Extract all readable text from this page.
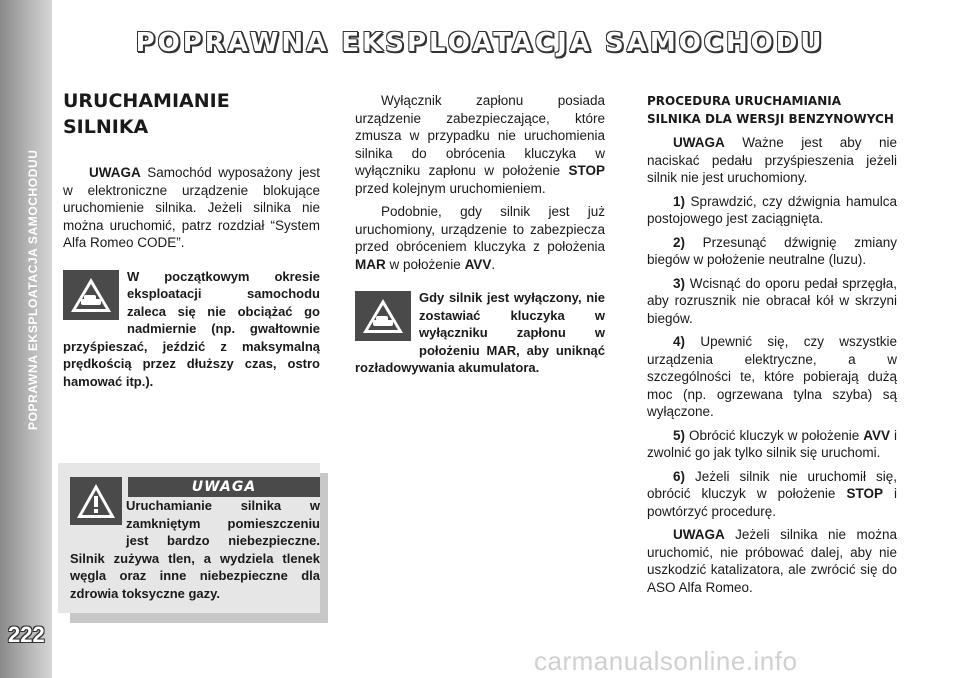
POPRAWNA EKSPLOATACJA SAMOCHODUU
222
POPRAWNA EKSPLOATACJA SAMOCHODU
URUCHAMIANIE SILNIKA

UWAGA Samochód wyposażony jest w elektroniczne urządzenie blokujące uruchomienie silnika. Jeżeli silnika nie można uruchomić, patrz rozdział “System Alfa Romeo CODE”.

W początkowym okresie eksploatacji samochodu zaleca się nie obciążać go nadmiernie (np. gwałtownie przyśpieszać, jeździć z maksymalną prędkością przez dłuższy czas, ostro hamować itp.).
UWAGA
Uruchamianie silnika w zamkniętym pomieszczeniu jest bardzo niebezpieczne. Silnik zużywa tlen, a wydziela tlenek węgla oraz inne niebezpieczne dla zdrowia toksyczne gazy.

Wyłącznik zapłonu posiada urządzenie zabezpieczające, które zmusza w przypadku nie uruchomienia silnika do obrócenia kluczyka w wyłączniku zapłonu w położenie STOP przed kolejnym uruchomieniem.

Podobnie, gdy silnik jest już uruchomiony, urządzenie to zabezpiecza przed obróceniem kluczyka z położenia MAR w położenie AVV.

Gdy silnik jest wyłączony, nie zostawiać kluczyka w wyłączniku zapłonu w położeniu MAR, aby uniknąć rozładowywania akumulatora.
PROCEDURA URUCHAMIANIA SILNIKA DLA WERSJI BENZYNOWYCH

UWAGA Ważne jest aby nie naciskać pedału przyśpieszenia jeżeli silnik nie jest uruchomiony.

1) Sprawdzić, czy dźwignia hamulca postojowego jest zaciągnięta.

2) Przesunąć dźwignię zmiany biegów w położenie neutralne (luzu).

3) Wcisnąć do oporu pedał sprzęgła, aby rozrusznik nie obracał kół w skrzyni biegów.

4) Upewnić się, czy wszystkie urządzenia elektryczne, a w szczególności te, które pobierają dużą moc (np. ogrzewana tylna szyba) są wyłączone.

5) Obrócić kluczyk w położenie AVV i zwolnić go jak tylko silnik się uruchomi.

6) Jeżeli silnik nie uruchomił się, obrócić kluczyk w położenie STOP i powtórzyć procedurę.

UWAGA Jeżeli silnika nie można uruchomić, nie próbować dalej, aby nie uszkodzić katalizatora, ale zwrócić się do ASO Alfa Romeo.

carmanualsonline.info
